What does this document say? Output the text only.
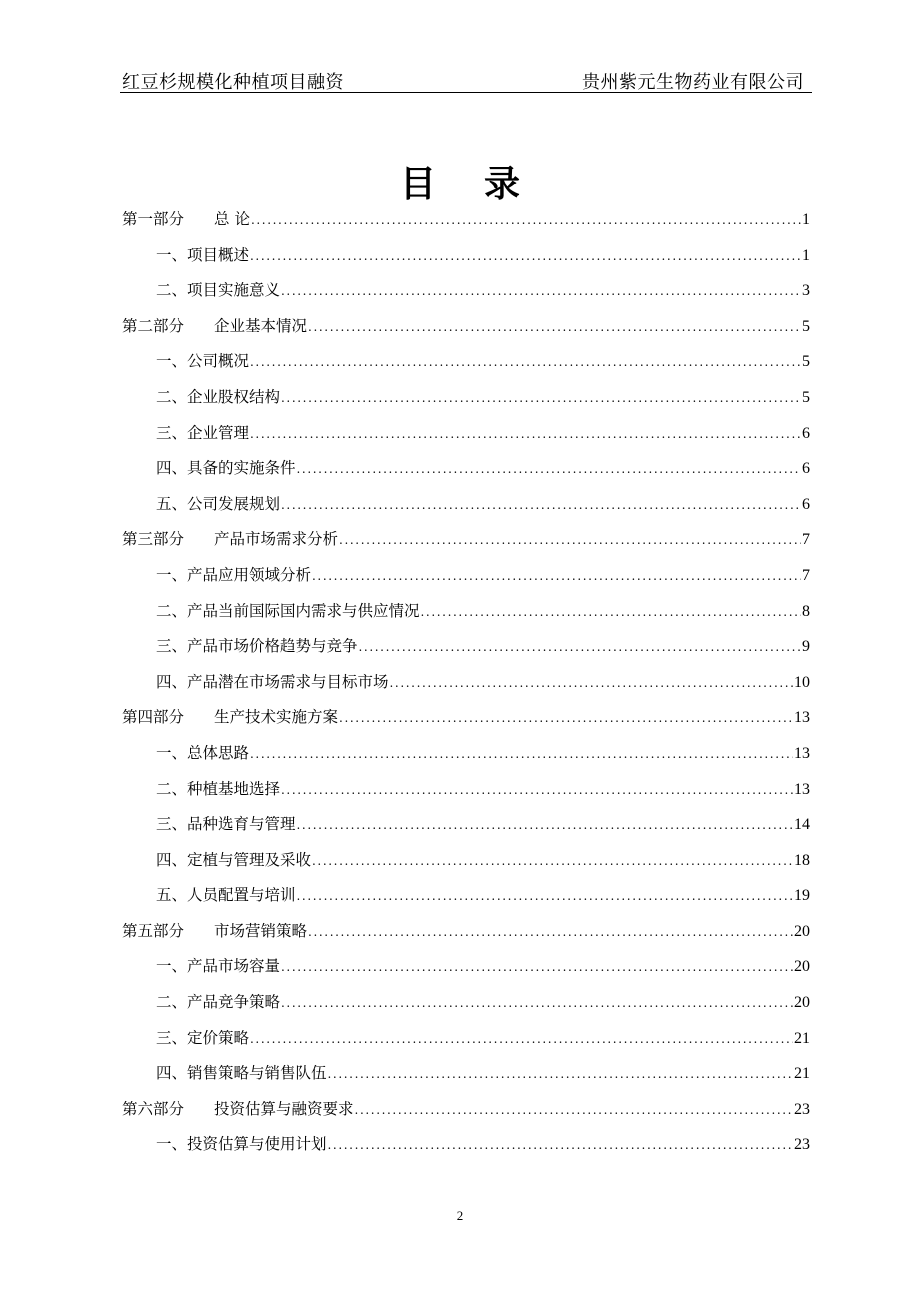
红豆杉规模化种植项目融资	贵州紫元生物药业有限公司
目录
第一部分 总 论 .....	1
一、项目概述 .....	1
二、项目实施意义 .....	3
第二部分 企业基本情况 .....	5
一、公司概况 .....	5
二、企业股权结构 .....	5
三、企业管理 .....	6
四、具备的实施条件 .....	6
五、公司发展规划 .....	6
第三部分 产品市场需求分析 .....	7
一、产品应用领域分析 .....	7
二、产品当前国际国内需求与供应情况 .....	8
三、产品市场价格趋势与竞争 .....	9
四、产品潜在市场需求与目标市场 .....	10
第四部分 生产技术实施方案 .....	13
一、总体思路 .....	13
二、种植基地选择 .....	13
三、品种选育与管理 .....	14
四、定植与管理及采收 .....	18
五、人员配置与培训 .....	19
第五部分 市场营销策略 .....	20
一、产品市场容量 .....	20
二、产品竞争策略 .....	20
三、定价策略 .....	21
四、销售策略与销售队伍 .....	21
第六部分 投资估算与融资要求 .....	23
一、投资估算与使用计划 .....	23
2
